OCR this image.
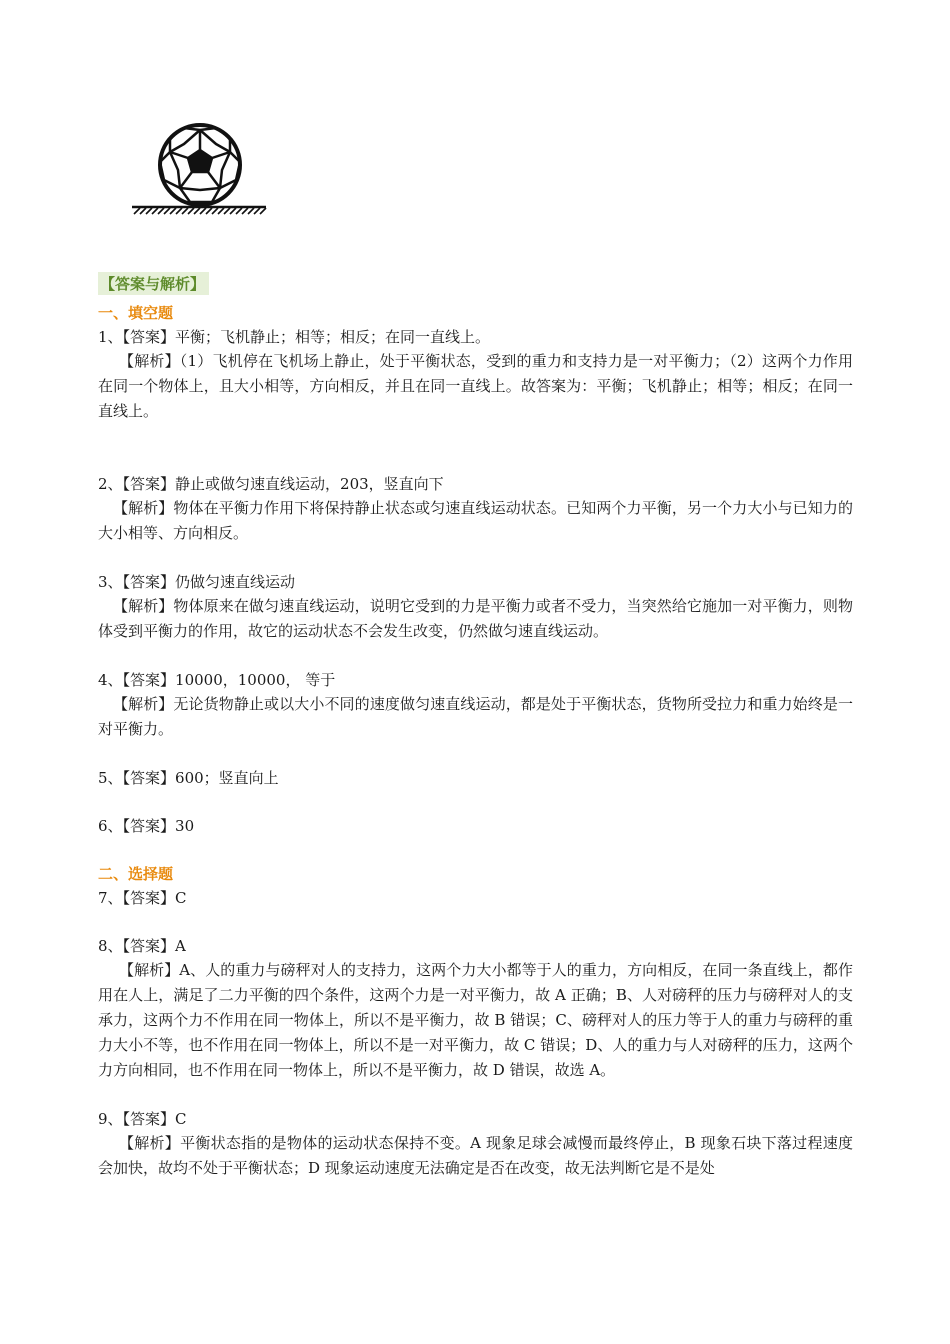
【答案与解析】
一、填空题
1、【答案】平衡；飞机静止；相等；相反；在同一直线上。
【解析】（1）飞机停在飞机场上静止，处于平衡状态，受到的重力和支持力是一对平衡力；（2）这两个力作用在同一个物体上，且大小相等，方向相反，并且在同一直线上。故答案为：平衡；飞机静止；相等；相反；在同一直线上。
2、【答案】静止或做匀速直线运动，203，竖直向下
【解析】物体在平衡力作用下将保持静止状态或匀速直线运动状态。已知两个力平衡，另一个力大小与已知力的大小相等、方向相反。
3、【答案】仍做匀速直线运动
【解析】物体原来在做匀速直线运动，说明它受到的力是平衡力或者不受力，当突然给它施加一对平衡力，则物体受到平衡力的作用，故它的运动状态不会发生改变，仍然做匀速直线运动。
4、【答案】10000，10000， 等于
【解析】无论货物静止或以大小不同的速度做匀速直线运动，都是处于平衡状态，货物所受拉力和重力始终是一对平衡力。
5、【答案】600；竖直向上
6、【答案】30
二、选择题
7、【答案】C
8、【答案】A
【解析】A、人的重力与磅秤对人的支持力，这两个力大小都等于人的重力，方向相反，在同一条直线上，都作用在人上，满足了二力平衡的四个条件，这两个力是一对平衡力，故 A 正确；B、人对磅秤的压力与磅秤对人的支承力，这两个力不作用在同一物体上，所以不是平衡力，故 B 错误；C、磅秤对人的压力等于人的重力与磅秤的重力大小不等，也不作用在同一物体上，所以不是一对平衡力，故 C 错误；D、人的重力与人对磅秤的压力，这两个力方向相同，也不作用在同一物体上，所以不是平衡力，故 D 错误，故选 A。
9、【答案】C
【解析】平衡状态指的是物体的运动状态保持不变。A 现象足球会减慢而最终停止，B 现象石块下落过程速度会加快，故均不处于平衡状态；D 现象运动速度无法确定是否在改变，故无法判断它是不是处
